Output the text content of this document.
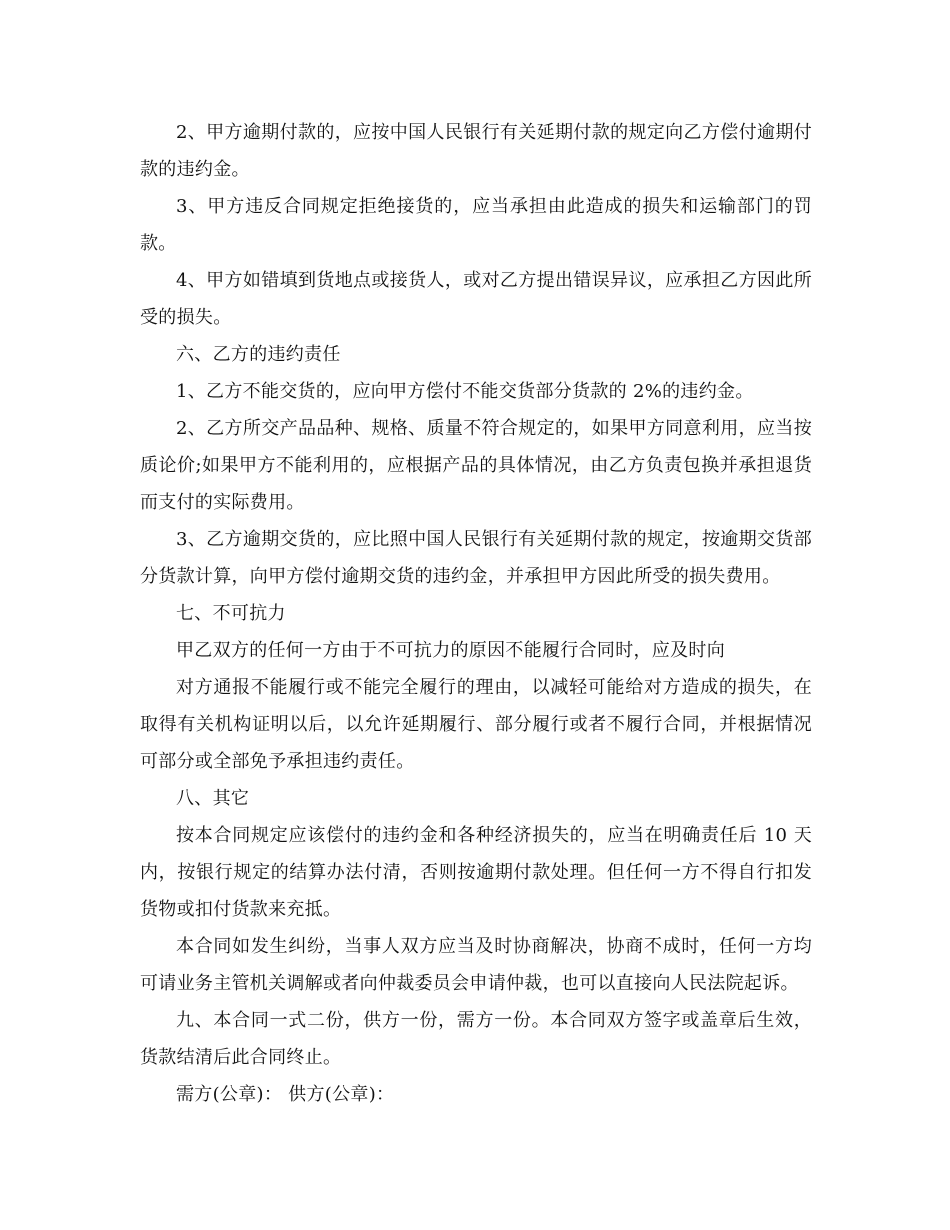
2、甲方逾期付款的，应按中国人民银行有关延期付款的规定向乙方偿付逾期付款的违约金。

3、甲方违反合同规定拒绝接货的，应当承担由此造成的损失和运输部门的罚款。

4、甲方如错填到货地点或接货人，或对乙方提出错误异议，应承担乙方因此所受的损失。

六、乙方的违约责任

1、乙方不能交货的，应向甲方偿付不能交货部分货款的 2%的违约金。

2、乙方所交产品品种、规格、质量不符合规定的，如果甲方同意利用，应当按质论价;如果甲方不能利用的，应根据产品的具体情况，由乙方负责包换并承担退货而支付的实际费用。

3、乙方逾期交货的，应比照中国人民银行有关延期付款的规定，按逾期交货部分货款计算，向甲方偿付逾期交货的违约金，并承担甲方因此所受的损失费用。

七、不可抗力

甲乙双方的任何一方由于不可抗力的原因不能履行合同时，应及时向

对方通报不能履行或不能完全履行的理由，以减轻可能给对方造成的损失，在取得有关机构证明以后，以允许延期履行、部分履行或者不履行合同，并根据情况可部分或全部免予承担违约责任。

八、其它

按本合同规定应该偿付的违约金和各种经济损失的，应当在明确责任后 10 天内，按银行规定的结算办法付清，否则按逾期付款处理。但任何一方不得自行扣发货物或扣付货款来充抵。

本合同如发生纠纷，当事人双方应当及时协商解决，协商不成时，任何一方均可请业务主管机关调解或者向仲裁委员会申请仲裁，也可以直接向人民法院起诉。

九、本合同一式二份，供方一份，需方一份。本合同双方签字或盖章后生效，货款结清后此合同终止。

需方(公章)： 供方(公章)：
